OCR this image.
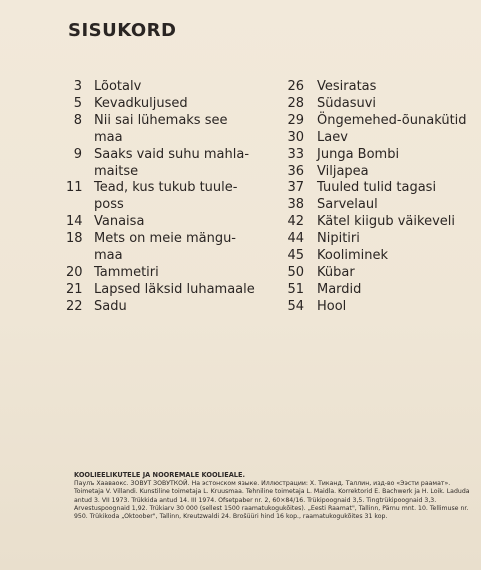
SISUKORD
3 Lõotalv
5 Kevadkuljused
8 Nii sai lühemaks see
maa
9 Saaks vaid suhu mahla-
maitse
11 Tead, kus tukub tuule-
poss
14 Vanaisa
18 Mets on meie mängu-
maa
20 Tammetiri
21 Lapsed läksid luhamaale
22 Sadu
26 Vesiratas
28 Südasuvi
29 Öngemehed-õunakütid
30 Laev
33 Junga Bombi
36 Viljapea
37 Tuuled tulid tagasi
38 Sarvelaul
42 Kätel kiigub väikeveli
44 Nipitiri
45 Kooliminek
50 Kübar
51 Mardid
54 Hool
KOOLIEELIKUTELE JA NOOREMALE KOOLIEALE.
Паулъ Хааваокс. ЗОВУТ ЗОВУТКОЙ. На эстонском языке. Иллюстрации: Х. Тиканд. Таллин, изд-во «Ээсти раамат». Toimetaja V. Villandi. Kunstiline toimetaja L. Kruusmaa. Tehniline toimetaja L. Maidla. Korrektorid E. Bachwerk ja H. Loik. Laduda antud 3. VII 1973. Trükkida antud 14. III 1974. Ofsetpaber nr. 2, 60×84/16. Trükipoognaid 3,5. Tingtrükipoognaid 3,3. Arvestuspoognaid 1,92. Trükiarv 30 000 (sellest 1500 raamatukogukõites). „Eesti Raamat", Tallinn, Pärnu mnt. 10. Tellimuse nr. 950. Trükikoda „Oktoober", Tallinn, Kreutzwaldi 24. Brošüüri hind 16 kop., raamatukogukõites 31 kop.
